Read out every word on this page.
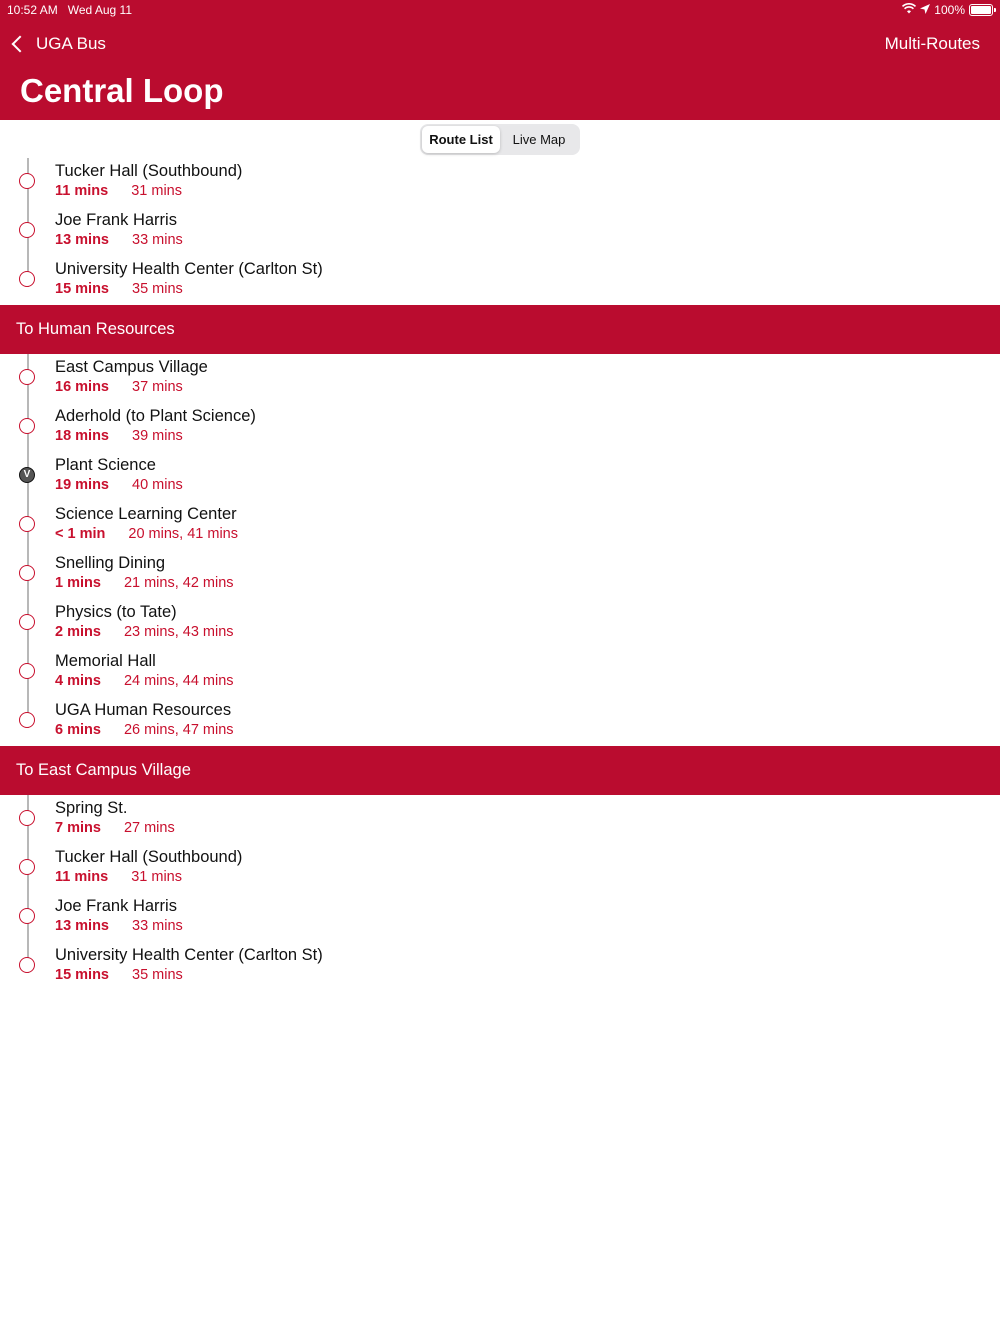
10:52 AM Wed Aug 11	100%
UGA Bus	Multi-Routes
Central Loop
Route List	Live Map
Tucker Hall (Southbound)
11 mins 31 mins
Joe Frank Harris
13 mins 33 mins
University Health Center (Carlton St)
15 mins 35 mins
To Human Resources
East Campus Village
16 mins 37 mins
Aderhold (to Plant Science)
18 mins 39 mins
V
Plant Science
19 mins 40 mins
Science Learning Center
< 1 min 20 mins, 41 mins
Snelling Dining
1 mins 21 mins, 42 mins
Physics (to Tate)
2 mins 23 mins, 43 mins
Memorial Hall
4 mins 24 mins, 44 mins
UGA Human Resources
6 mins 26 mins, 47 mins
To East Campus Village
Spring St.
7 mins 27 mins
Tucker Hall (Southbound)
11 mins 31 mins
Joe Frank Harris
13 mins 33 mins
University Health Center (Carlton St)
15 mins 35 mins
